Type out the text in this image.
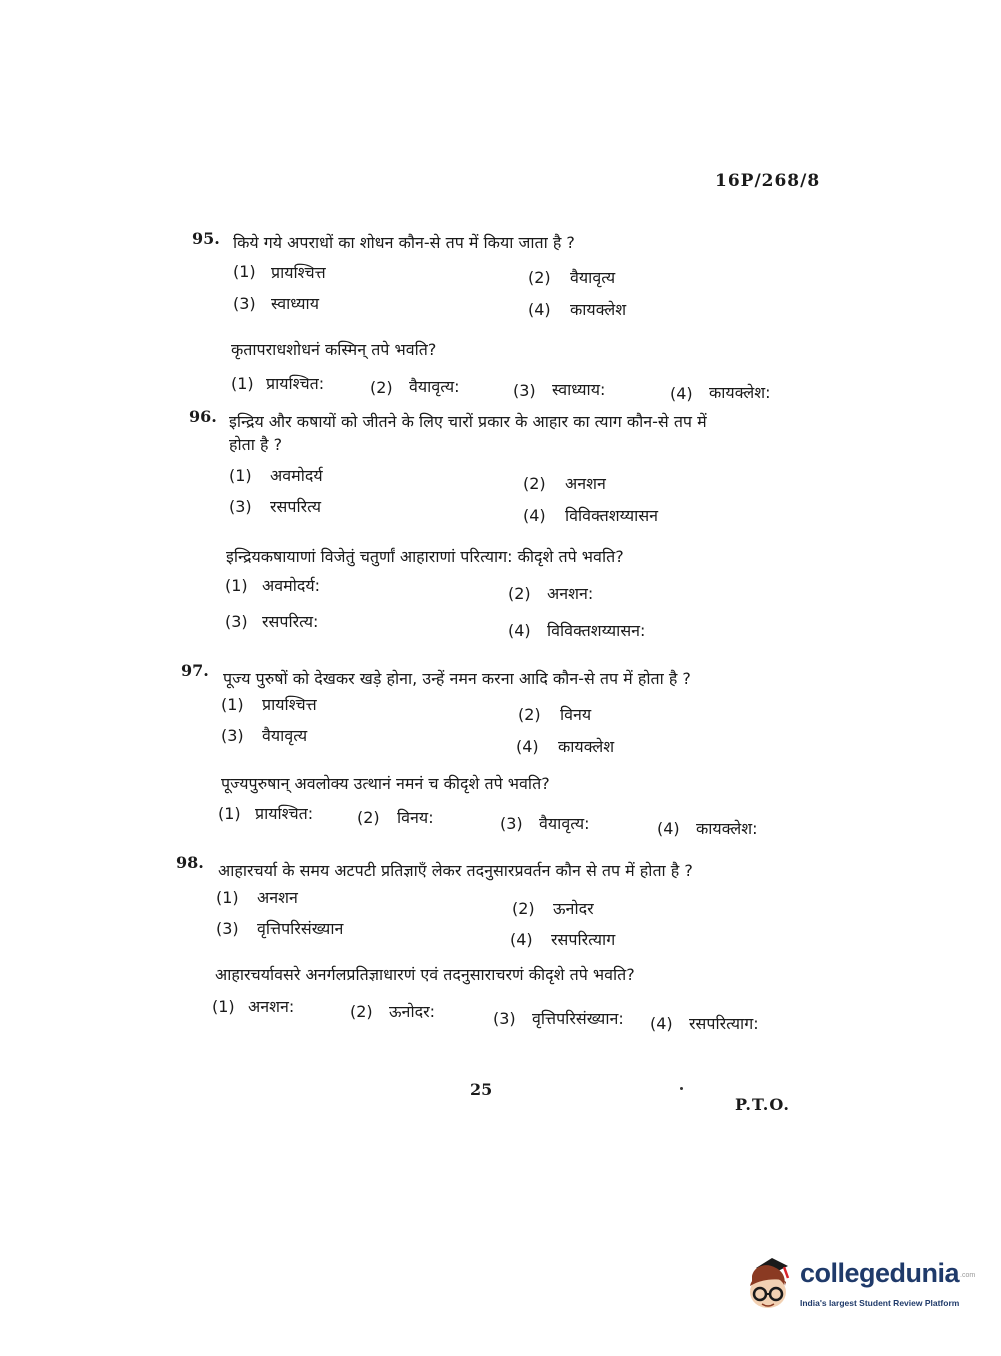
16P/268/8
95. किये गये अपराधों का शोधन कौन-से तप में किया जाता है ?
(1) प्रायश्चित्त	(2) वैयावृत्य
(3) स्वाध्याय	(4) कायक्लेश
कृतापराधशोधनं कस्मिन् तपे भवति?
(1) प्रायश्चित:	(2) वैयावृत्य:	(3) स्वाध्याय:	(4) कायक्लेश:
96. इन्द्रिय और कषायों को जीतने के लिए चारों प्रकार के आहार का त्याग कौन-से तप में
होता है ?
(1) अवमोदर्य	(2) अनशन
(3) रसपरित्य	(4) विविक्तशय्यासन
इन्द्रियकषायाणां विजेतुं चतुर्णां आहाराणां परित्याग: कीदृशे तपे भवति?
(1) अवमोदर्य:	(2) अनशन:
(3) रसपरित्य:	(4) विविक्तशय्यासन:
97. पूज्य पुरुषों को देखकर खड़े होना, उन्हें नमन करना आदि कौन-से तप में होता है ?
(1) प्रायश्चित्त
(2) विनय
(3) वैयावृत्य
(4) कायक्लेश
पूज्यपुरुषान् अवलोक्य उत्थानं नमनं च कीदृशे तपे भवति?
(1) प्रायश्चित:	(2) विनय:	(3) वैयावृत्य:	(4) कायक्लेश:
98. आहारचर्या के समय अटपटी प्रतिज्ञाएँ लेकर तदनुसारप्रवर्तन कौन से तप में होता है ?
(1) अनशन
(2) ऊनोदर
(3) वृत्तिपरिसंख्यान
(4) रसपरित्याग
आहारचर्यावसरे अनर्गलप्रतिज्ञाधारणं एवं तदनुसाराचरणं कीदृशे तपे भवति?
(1) अनशन:	(2) ऊनोदर:	(3) वृत्तिपरिसंख्यान: (4) रसपरित्याग:
25
P.T.O.
collegedunia .com
India's largest Student Review Platform
